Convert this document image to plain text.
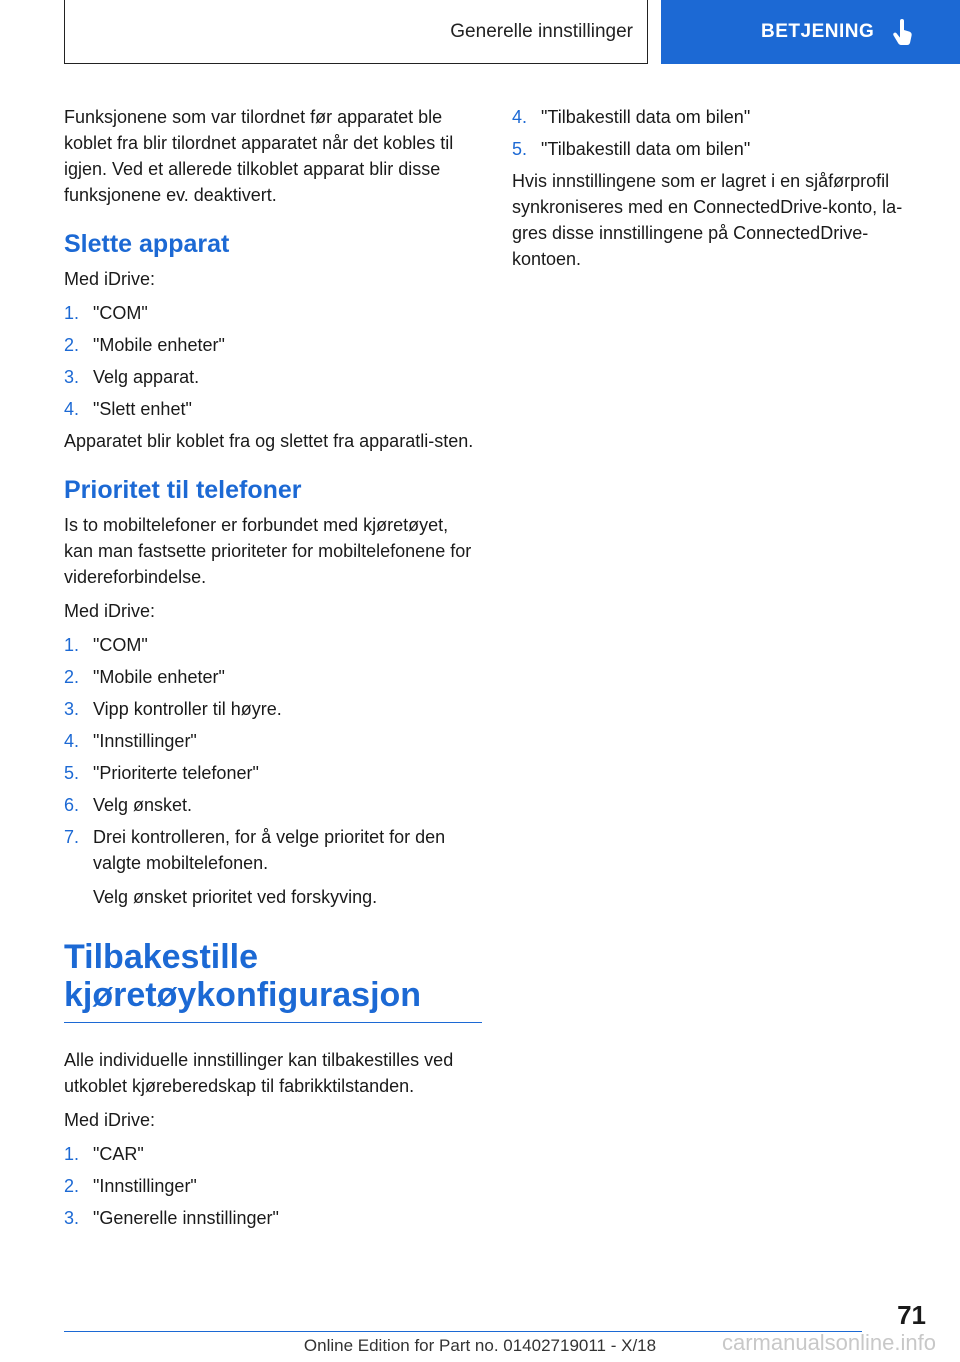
Generelle innstillinger	BETJENING

Funksjonene som var tilordnet før apparatet ble koblet fra blir tilordnet apparatet når det kobles til igjen. Ved et allerede tilkoblet apparat blir disse funksjonene ev. deaktivert.

Slette apparat

Med iDrive:

1. "COM"
2. "Mobile enheter"
3. Velg apparat.
4. "Slett enhet"

Apparatet blir koblet fra og slettet fra apparatli-sten.

Prioritet til telefoner

Is to mobiltelefoner er forbundet med kjøretøyet, kan man fastsette prioriteter for mobiltelefonene for videreforbindelse.

Med iDrive:

1. "COM"
2. "Mobile enheter"
3. Vipp kontroller til høyre.
4. "Innstillinger"
5. "Prioriterte telefoner"
6. Velg ønsket.
7. Drei kontrolleren, for å velge prioritet for den valgte mobiltelefonen.
Velg ønsket prioritet ved forskyving.
Tilbakestille kjøretøykonfigurasjon

Alle individuelle innstillinger kan tilbakestilles ved utkoblet kjøreberedskap til fabrikktilstanden.

Med iDrive:

1. "CAR"
2. "Innstillinger"
3. "Generelle innstillinger"
4. "Tilbakestill data om bilen"
5. "Tilbakestill data om bilen"

Hvis innstillingene som er lagret i en sjåførprofil synkroniseres med en ConnectedDrive-konto, la-gres disse innstillingene på ConnectedDrive-kontoen.

71
Online Edition for Part no. 01402719011 - X/18	carmanualsonline.info
